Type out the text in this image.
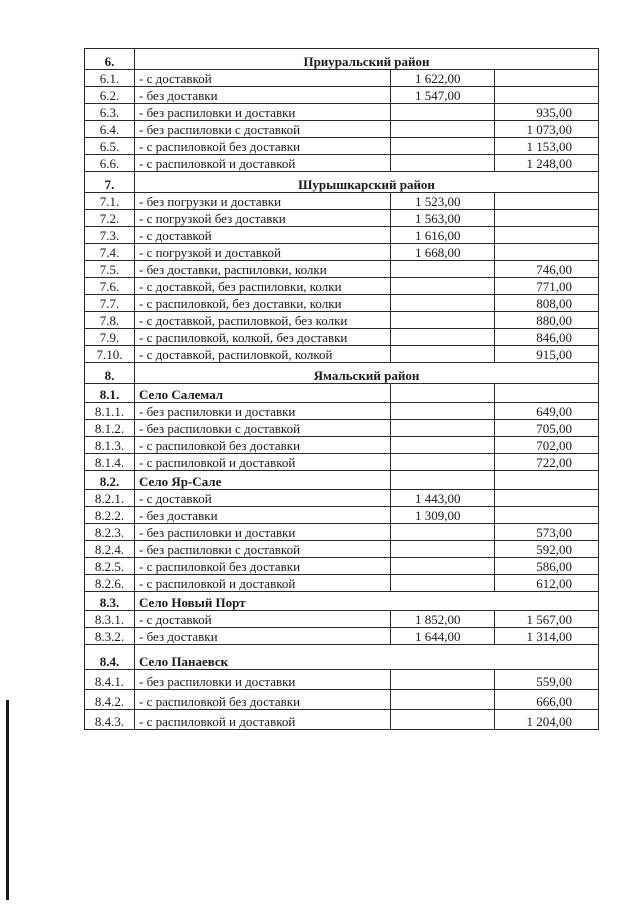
6.	Приуральский район		
6.1.	- с доставкой	1 622,00	
6.2.	- без доставки	1 547,00	
6.3.	- без распиловки и доставки		935,00
6.4.	- без распиловки с доставкой		1 073,00
6.5.	- с распиловкой без доставки		1 153,00
6.6.	- с распиловкой и доставкой		1 248,00
7.	Шурышкарский район		
7.1.	- без погрузки и доставки	1 523,00	
7.2.	- с погрузкой без доставки	1 563,00	
7.3.	- с доставкой	1 616,00	
7.4.	- с погрузкой и доставкой	1 668,00	
7.5.	- без доставки, распиловки, колки		746,00
7.6.	- с доставкой, без распиловки, колки		771,00
7.7.	- с распиловкой, без доставки, колки		808,00
7.8.	- с доставкой, распиловкой, без колки		880,00
7.9.	- с распиловкой, колкой, без доставки		846,00
7.10.	- с доставкой, распиловкой, колкой		915,00
8.	Ямальский район		
8.1.	Село Салемал		
8.1.1.	- без распиловки и доставки		649,00
8.1.2.	- без распиловки с доставкой		705,00
8.1.3.	- с распиловкой без доставки		702,00
8.1.4.	- с распиловкой и доставкой		722,00
8.2.	Село Яр-Сале		
8.2.1.	- с доставкой	1 443,00	
8.2.2.	- без доставки	1 309,00	
8.2.3.	- без распиловки и доставки		573,00
8.2.4.	- без распиловки с доставкой		592,00
8.2.5.	- с распиловкой без доставки		586,00
8.2.6.	- с распиловкой и доставкой		612,00
8.3.	Село Новый Порт		
8.3.1.	- с доставкой	1 852,00	1 567,00
8.3.2.	- без доставки	1 644,00	1 314,00
8.4.	Село Панаевск		
8.4.1.	- без распиловки и доставки		559,00
8.4.2.	- с распиловкой без доставки		666,00
8.4.3.	- с распиловкой и доставкой		1 204,00
